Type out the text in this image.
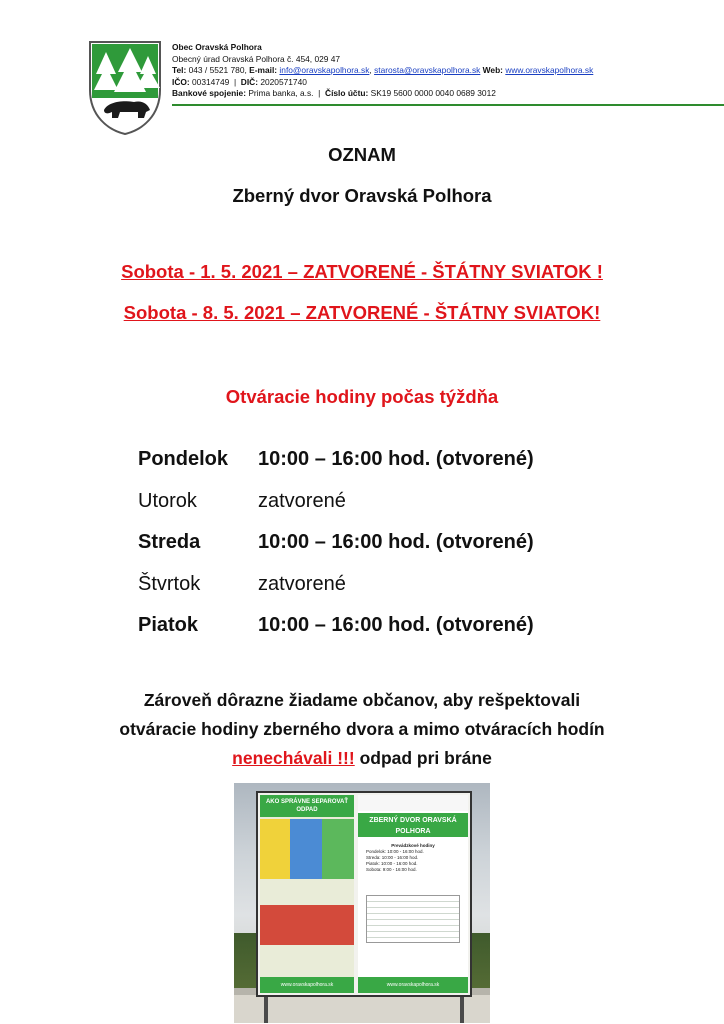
Obec Oravská Polhora
Obecný úrad Oravská Polhora č. 454, 029 47
Tel: 043 / 5521 780, E-mail: info@oravskapolhora.sk, starosta@oravskapolhora.sk Web: www.oravskapolhora.sk
IČO: 00314749 | DIČ: 2020571740
Bankové spojenie: Prima banka, a.s. | Číslo účtu: SK19 5600 0000 0040 0689 3012
OZNAM
Zberný dvor Oravská Polhora
Sobota - 1. 5. 2021 – ZATVORENÉ - ŠTÁTNY SVIATOK !
Sobota - 8. 5. 2021 – ZATVORENÉ - ŠTÁTNY SVIATOK!
Otváracie hodiny počas týždňa
Pondelok 10:00 – 16:00 hod. (otvorené)
Utorok	zatvorené
Streda	10:00 – 16:00 hod. (otvorené)
Štvrtok	zatvorené
Piatok	10:00 – 16:00 hod. (otvorené)
Zároveň dôrazne žiadame občanov, aby rešpektovali
otváracie hodiny zberného dvora a mimo otváracích hodín
nenechávali !!! odpad pri bráne
AKO SPRÁVNE SEPAROVAŤ ODPAD
www.oravskapolhora.sk
ZBERNÝ DVOR ORAVSKÁ POLHORA
Prevádzkové hodiny
Pondelok: 10:00 - 16:00 hod.
Streda: 10:00 - 16:00 hod.
Piatok: 10:00 - 16:00 hod.
Sobota: 9:00 - 16:00 hod.
www.oravskapolhora.sk
